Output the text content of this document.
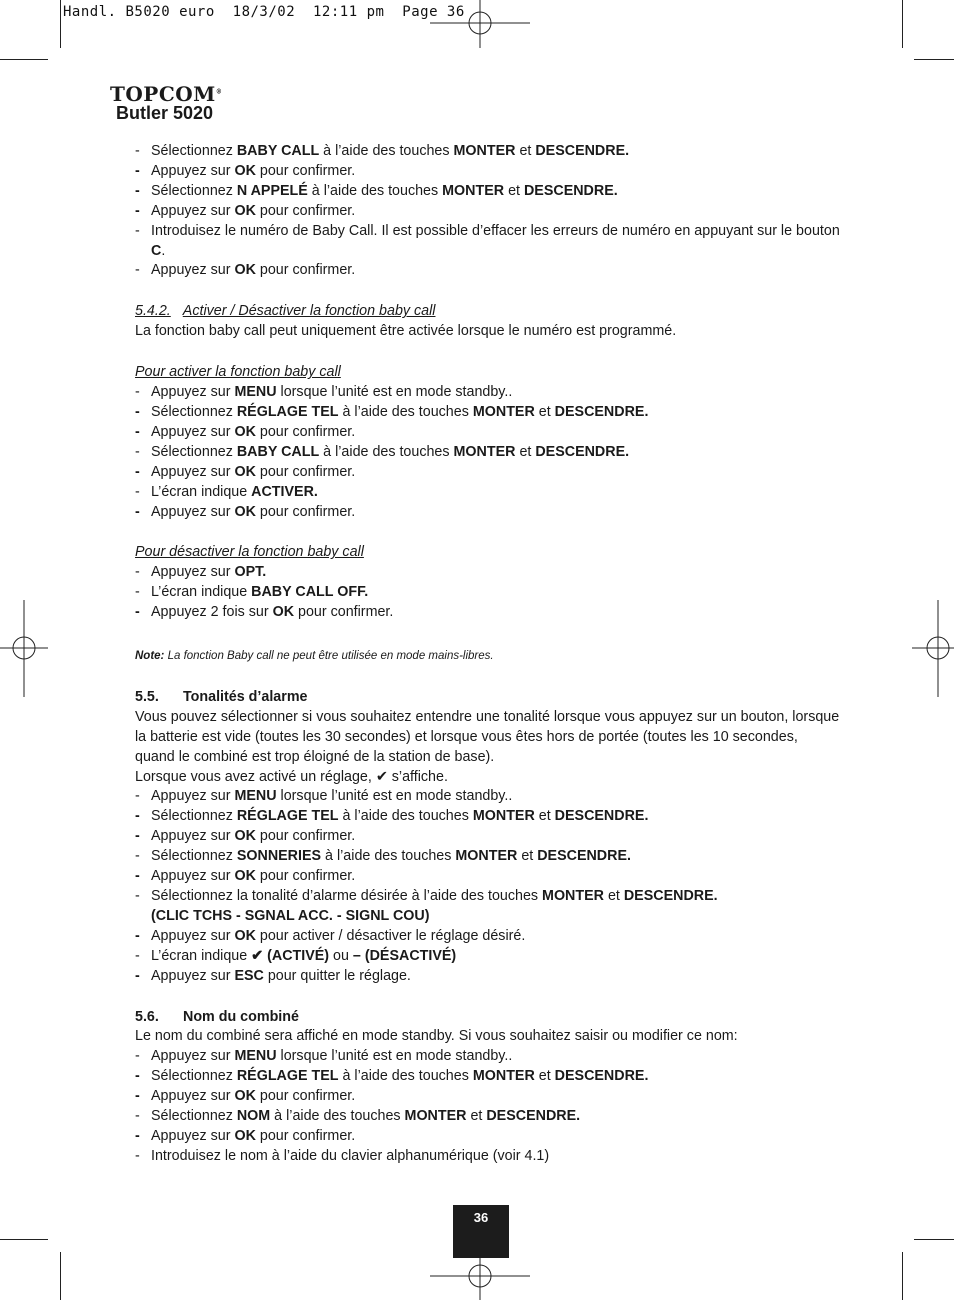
Handl. B5020 euro  18/3/02  12:11 pm  Page 36
TOPCOM®
Butler 5020
- Sélectionnez BABY CALL à l’aide des touches MONTER et DESCENDRE.
- Appuyez sur OK pour confirmer.
- Sélectionnez N APPELÉ à l’aide des touches MONTER et DESCENDRE.
- Appuyez sur OK pour confirmer.
- Introduisez le numéro de Baby Call. Il est possible d’effacer les erreurs de numéro en appuyant sur le bouton C.
- Appuyez sur OK pour confirmer.
5.4.2. Activer / Désactiver la fonction baby call

La fonction baby call peut uniquement être activée lorsque le numéro est programmé.

Pour activer la fonction baby call
- Appuyez sur MENU lorsque l’unité est en mode standby..
- Sélectionnez RÉGLAGE TEL à l’aide des touches MONTER et DESCENDRE.
- Appuyez sur OK pour confirmer.
- Sélectionnez BABY CALL à l’aide des touches MONTER et DESCENDRE.
- Appuyez sur OK pour confirmer.
- L’écran indique ACTIVER.
- Appuyez sur OK pour confirmer.
Pour désactiver la fonction baby call
- Appuyez sur OPT.
- L’écran indique BABY CALL OFF.
- Appuyez 2 fois sur OK pour confirmer.
Note: La fonction Baby call ne peut être utilisée en mode mains-libres.
5.5. Tonalités d’alarme

Vous pouvez sélectionner si vous souhaitez entendre une tonalité lorsque vous appuyez sur un bouton, lorsque la batterie est vide (toutes les 30 secondes) et lorsque vous êtes hors de portée (toutes les 10 secondes, quand le combiné est trop éloigné de la station de base).

Lorsque vous avez activé un réglage, ✔ s’affiche.

- Appuyez sur MENU lorsque l’unité est en mode standby..
- Sélectionnez RÉGLAGE TEL à l’aide des touches MONTER et DESCENDRE.
- Appuyez sur OK pour confirmer.
- Sélectionnez SONNERIES à l’aide des touches MONTER et DESCENDRE.
- Appuyez sur OK pour confirmer.
- Sélectionnez la tonalité d’alarme désirée à l’aide des touches MONTER et DESCENDRE.
(CLIC TCHS - SGNAL ACC. - SIGNL COU)
- Appuyez sur OK pour activer / désactiver le réglage désiré.
- L’écran indique ✔ (ACTIVÉ) ou – (DÉSACTIVÉ)
- Appuyez sur ESC pour quitter le réglage.
5.6. Nom du combiné

Le nom du combiné sera affiché en mode standby. Si vous souhaitez saisir ou modifier ce nom:

- Appuyez sur MENU lorsque l’unité est en mode standby..
- Sélectionnez RÉGLAGE TEL à l’aide des touches MONTER et DESCENDRE.
- Appuyez sur OK pour confirmer.
- Sélectionnez NOM à l’aide des touches MONTER et DESCENDRE.
- Appuyez sur OK pour confirmer.
- Introduisez le nom à l’aide du clavier alphanumérique (voir 4.1)
36
